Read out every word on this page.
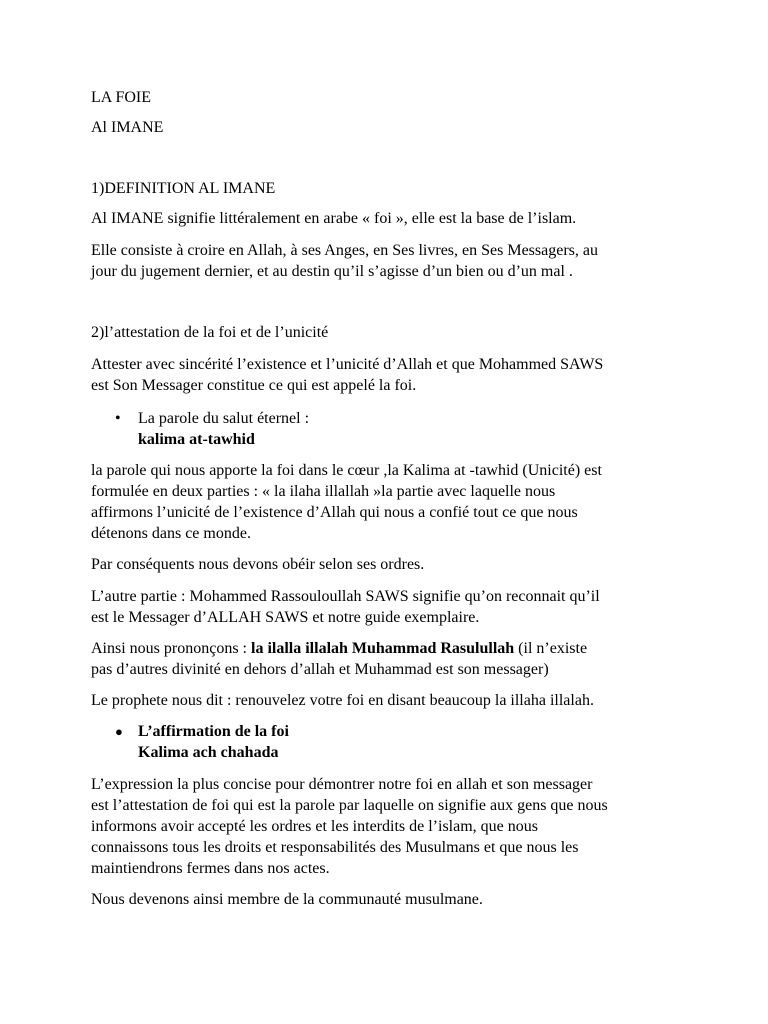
LA FOIE

Al IMANE

1)DEFINITION AL IMANE

Al IMANE signifie littéralement en arabe « foi », elle est la base de l’islam.

Elle consiste à croire en Allah, à ses Anges, en Ses livres, en Ses Messagers, au

jour du jugement dernier, et au destin qu’il s’agisse d’un bien ou d’un mal .

2)l’attestation de la foi et de l’unicité

Attester avec sincérité l’existence et l’unicité d’Allah et que Mohammed SAWS

est Son Messager constitue ce qui est appelé la foi.

• La parole du salut éternel :
kalima at-tawhid

la parole qui nous apporte la foi dans le cœur ,la Kalima at -tawhid (Unicité) est

formulée en deux parties : « la ilaha illallah »la partie avec laquelle nous

affirmons l’unicité de l’existence d’Allah qui nous a confié tout ce que nous

détenons dans ce monde.

Par conséquents nous devons obéir selon ses ordres.

L’autre partie : Mohammed Rassouloullah SAWS signifie qu’on reconnait qu’il

est le Messager d’ALLAH SAWS et notre guide exemplaire.

Ainsi nous prononçons : la ilalla illalah Muhammad Rasulullah (il n’existe

pas d’autres divinité en dehors d’allah et Muhammad est son messager)

Le prophete nous dit : renouvelez votre foi en disant beaucoup la illaha illalah.

● L’affirmation de la foi
Kalima ach chahada

L’expression la plus concise pour démontrer notre foi en allah et son messager

est l’attestation de foi qui est la parole par laquelle on signifie aux gens que nous

informons avoir accepté les ordres et les interdits de l’islam, que nous

connaissons tous les droits et responsabilités des Musulmans et que nous les

maintiendrons fermes dans nos actes.

Nous devenons ainsi membre de la communauté musulmane.
